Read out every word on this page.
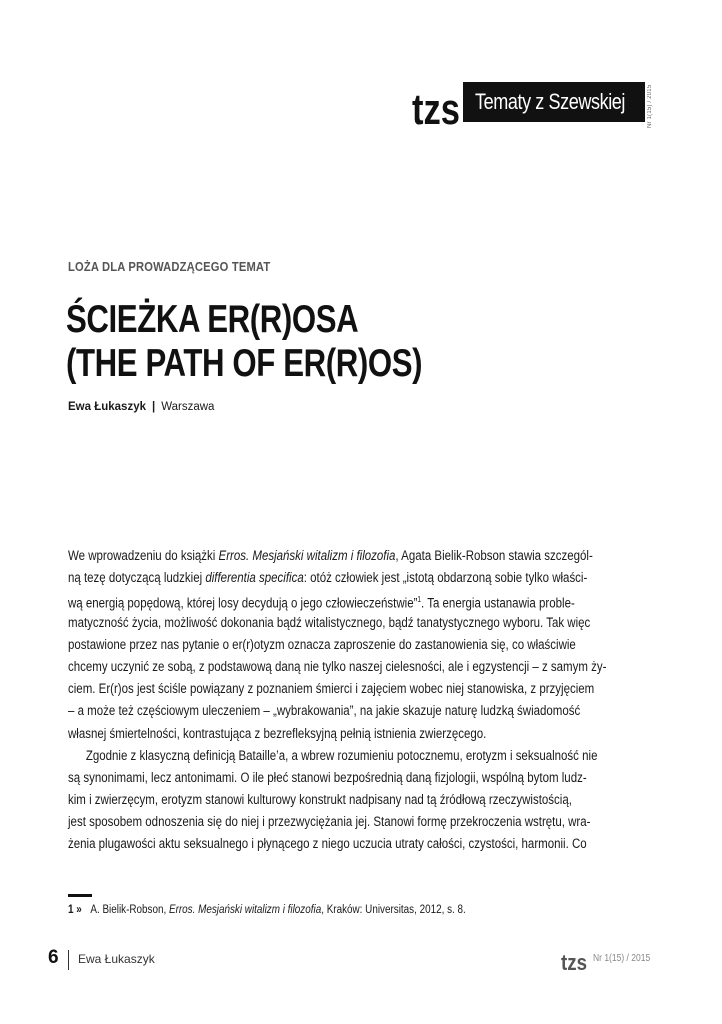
tzs Tematy z Szewskiej	Nr 1(15) / 2015
LOŻA DLA PROWADZĄCEGO TEMAT
ŚCIEŻKA ER(R)OSA
(THE PATH OF ER(R)OS)
Ewa Łukaszyk | Warszawa
We wprowadzeniu do książki Erros. Mesjański witalizm i filozofia, Agata Bielik-Robson stawia szczegól-
ną tezę dotyczącą ludzkiej differentia specifica: otóż człowiek jest „istotą obdarzoną sobie tylko właści-
wą energią popędową, której losy decydują o jego człowieczeństwie”$^1$. Ta energia ustanawia proble-
matyczność życia, możliwość dokonania bądź witalistycznego, bądź tanatystycznego wyboru. Tak więc
postawione przez nas pytanie o er(r)otyzm oznacza zaproszenie do zastanowienia się, co właściwie
chcemy uczynić ze sobą, z podstawową daną nie tylko naszej cielesności, ale i egzystencji – z samym ży-
ciem. Er(r)os jest ściśle powiązany z poznaniem śmierci i zajęciem wobec niej stanowiska, z przyjęciem
– a może też częściowym uleczeniem – „wybrakowania”, na jakie skazuje naturę ludzką świadomość
własnej śmiertelności, kontrastująca z bezrefleksyjną pełnią istnienia zwierzęcego.
Zgodnie z klasyczną definicją Bataille’a, a wbrew rozumieniu potocznemu, erotyzm i seksualność nie
są synonimami, lecz antonimami. O ile płeć stanowi bezpośrednią daną fizjologii, wspólną bytom ludz-
kim i zwierzęcym, erotyzm stanowi kulturowy konstrukt nadpisany nad tą źródłową rzeczywistością,
jest sposobem odnoszenia się do niej i przezwyciężania jej. Stanowi formę przekroczenia wstrętu, wra-
żenia plugawości aktu seksualnego i płynącego z niego uczucia utraty całości, czystości, harmonii. Co
1 » A. Bielik-Robson, Erros. Mesjański witalizm i filozofia, Kraków: Universitas, 2012, s. 8.
6 Ewa Łukaszyk	tzs Nr 1(15) / 2015
